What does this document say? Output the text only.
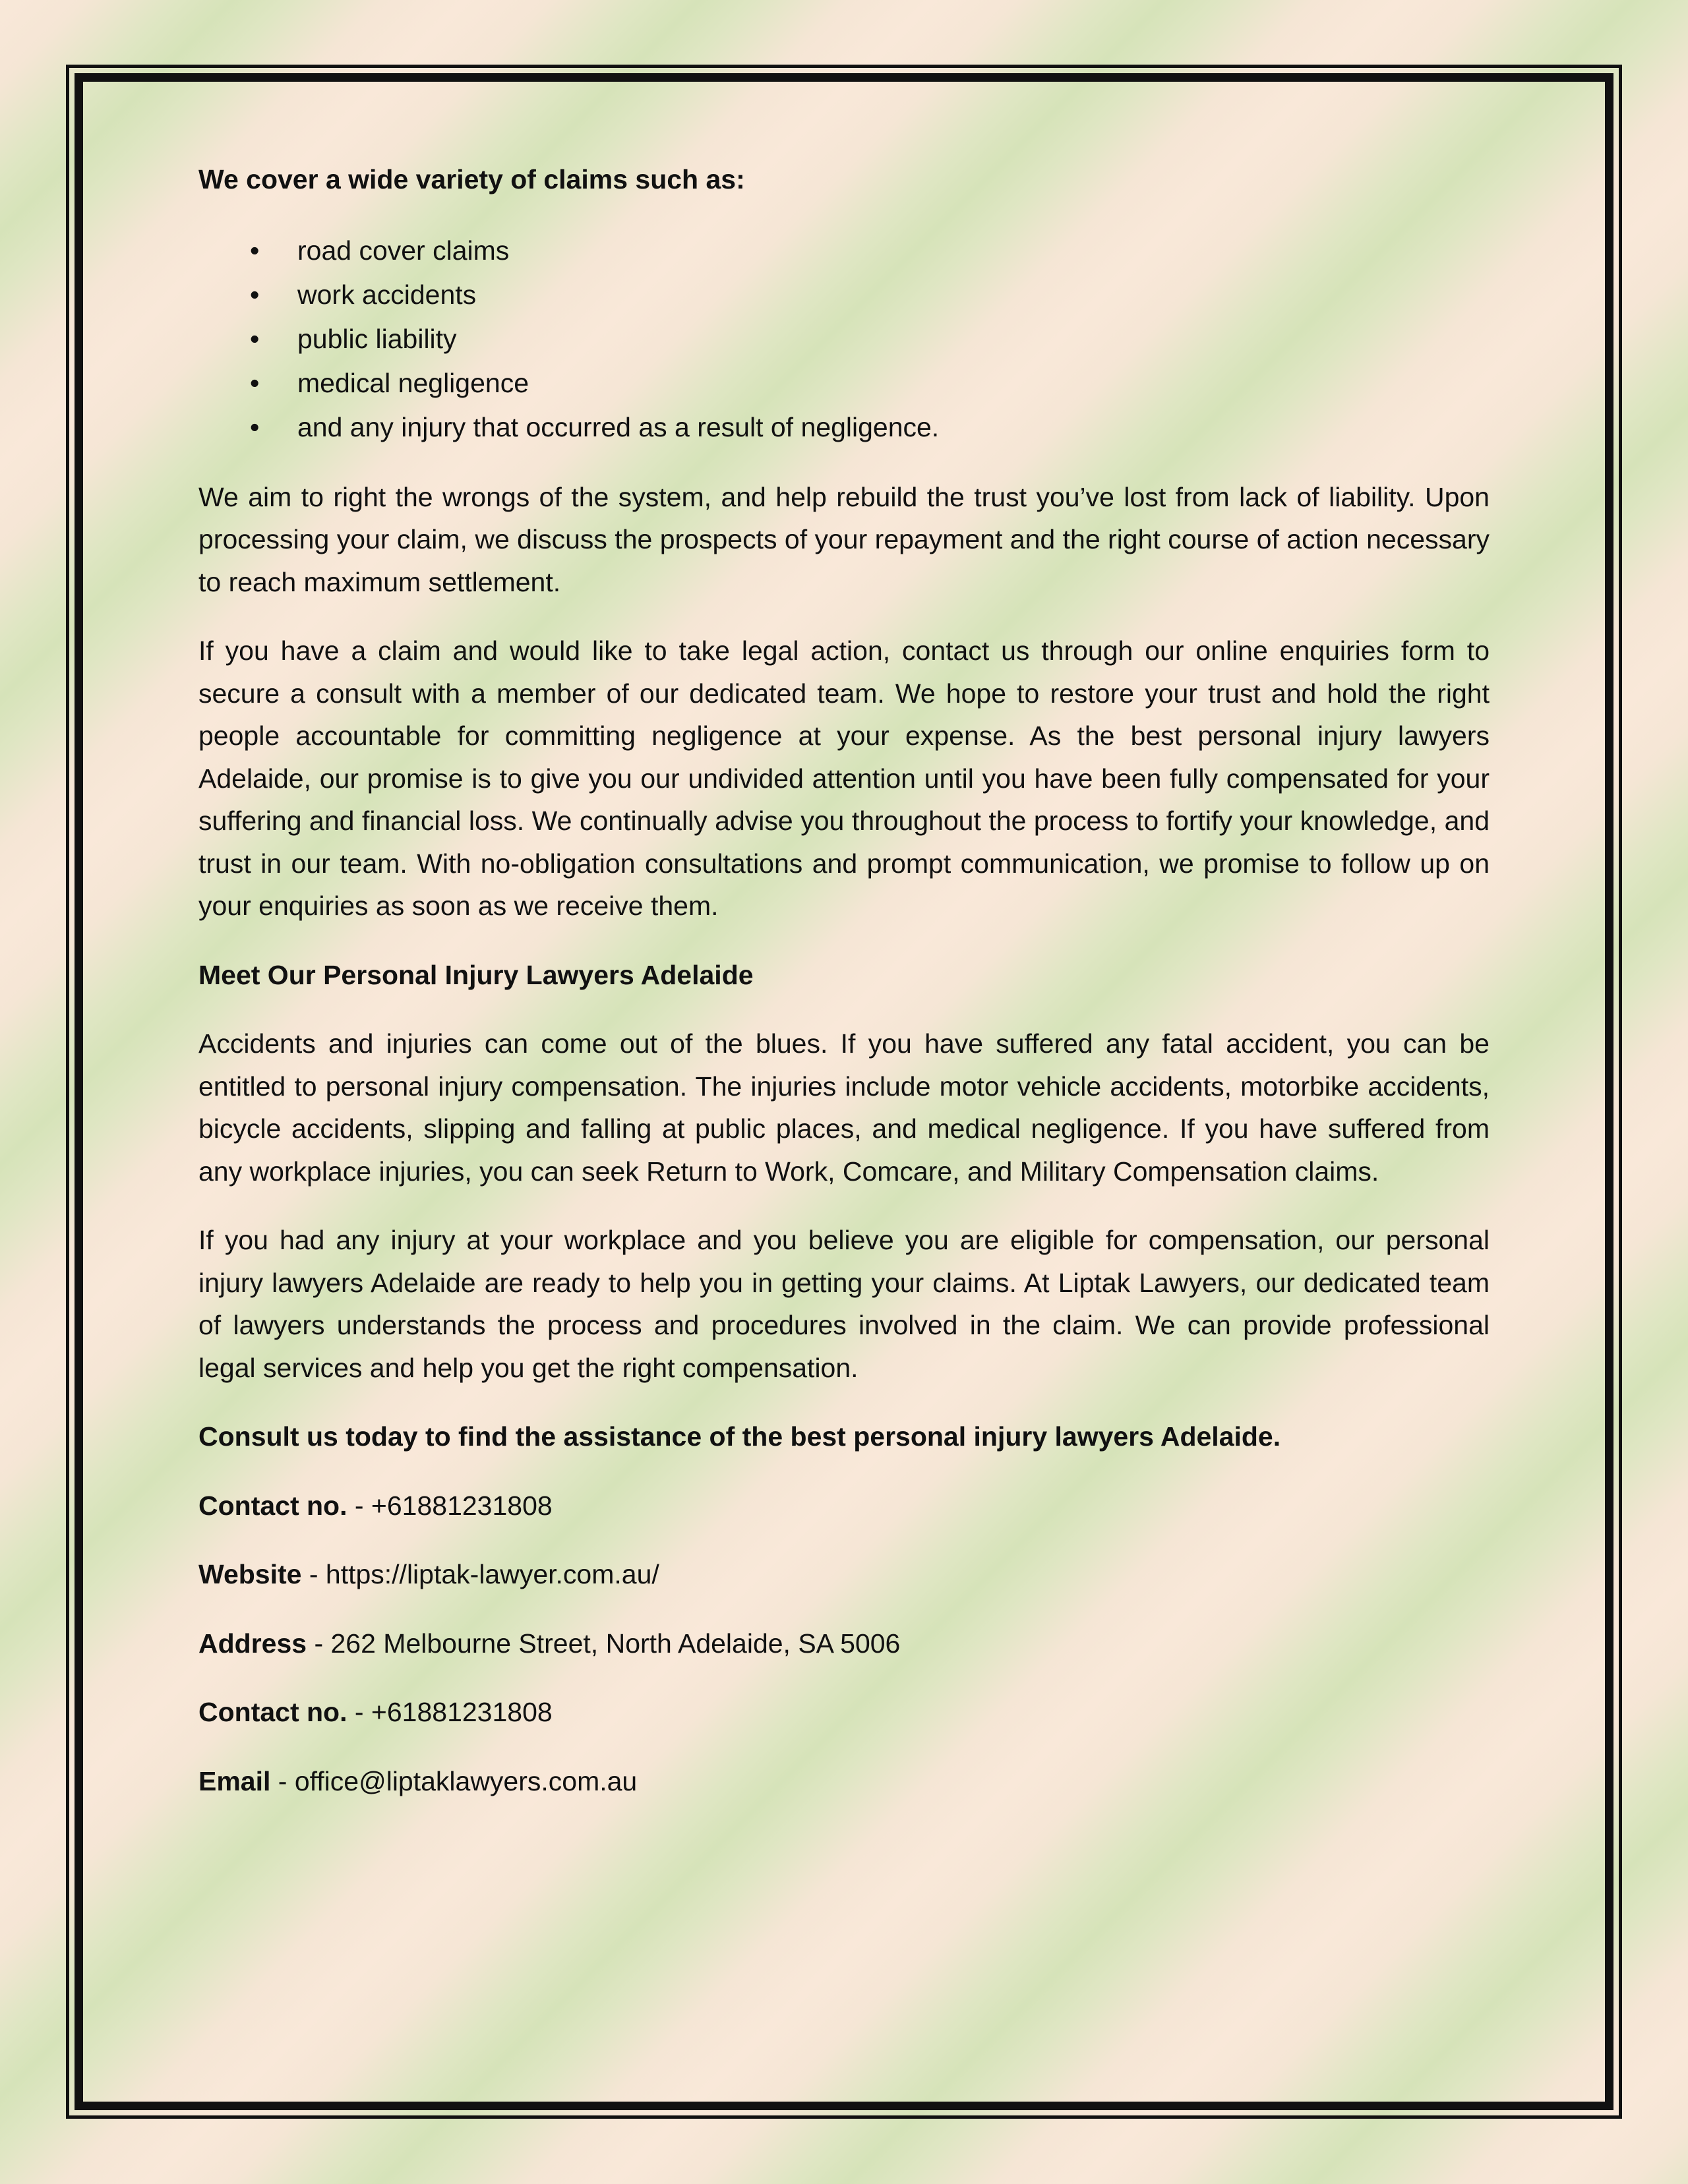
We cover a wide variety of claims such as:

• road cover claims
• work accidents
• public liability
• medical negligence
• and any injury that occurred as a result of negligence.

We aim to right the wrongs of the system, and help rebuild the trust you’ve lost from lack of liability. Upon processing your claim, we discuss the prospects of your repayment and the right course of action necessary to reach maximum settlement.

If you have a claim and would like to take legal action, contact us through our online enquiries form to secure a consult with a member of our dedicated team. We hope to restore your trust and hold the right people accountable for committing negligence at your expense. As the best personal injury lawyers Adelaide, our promise is to give you our undivided attention until you have been fully compensated for your suffering and financial loss. We continually advise you throughout the process to fortify your knowledge, and trust in our team. With no-obligation consultations and prompt communication, we promise to follow up on your enquiries as soon as we receive them.

Meet Our Personal Injury Lawyers Adelaide

Accidents and injuries can come out of the blues. If you have suffered any fatal accident, you can be entitled to personal injury compensation. The injuries include motor vehicle accidents, motorbike accidents, bicycle accidents, slipping and falling at public places, and medical negligence. If you have suffered from any workplace injuries, you can seek Return to Work, Comcare, and Military Compensation claims.

If you had any injury at your workplace and you believe you are eligible for compensation, our personal injury lawyers Adelaide are ready to help you in getting your claims. At Liptak Lawyers, our dedicated team of lawyers understands the process and procedures involved in the claim. We can provide professional legal services and help you get the right compensation.

Consult us today to find the assistance of the best personal injury lawyers Adelaide.

Contact no. - +61881231808

Website - https://liptak-lawyer.com.au/

Address - 262 Melbourne Street, North Adelaide, SA 5006

Contact no. - +61881231808

Email - office@liptaklawyers.com.au
